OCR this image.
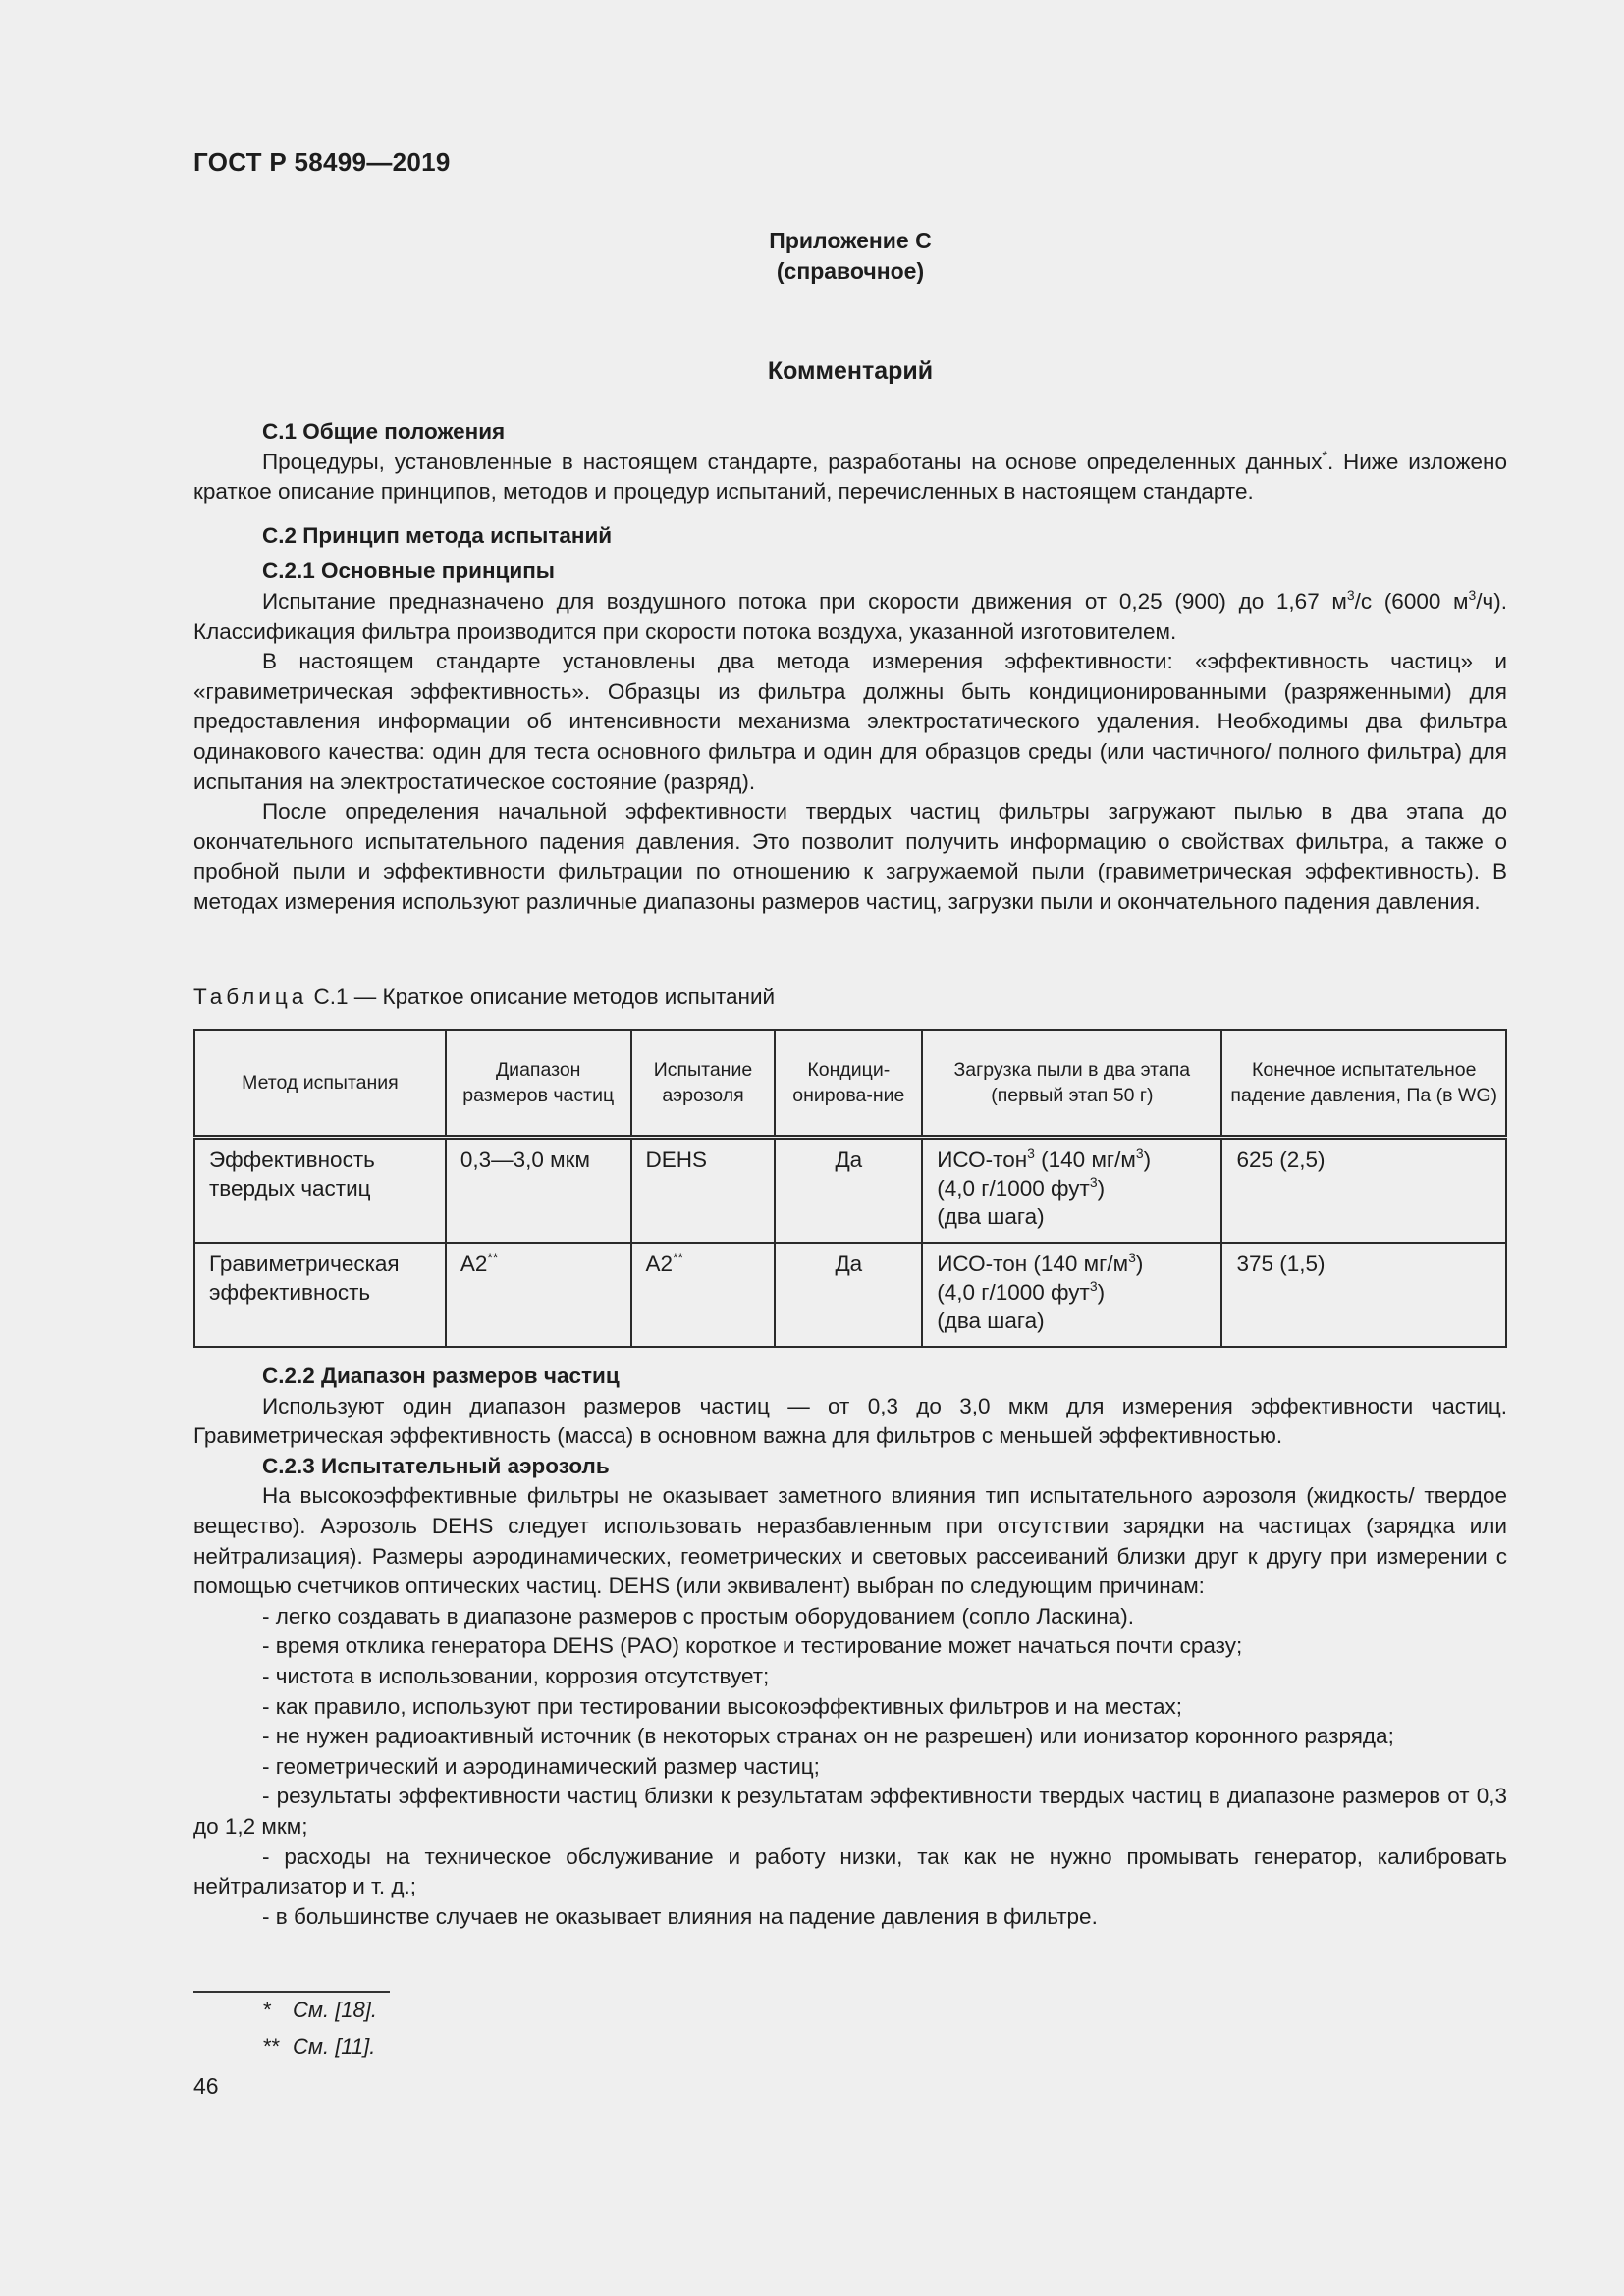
ГОСТ Р 58499—2019
Приложение С
(справочное)
Комментарий
С.1 Общие положения

Процедуры, установленные в настоящем стандарте, разработаны на основе определенных данных*. Ниже изложено краткое описание принципов, методов и процедур испытаний, перечисленных в настоящем стандарте.

С.2 Принцип метода испытаний
С.2.1 Основные принципы

Испытание предназначено для воздушного потока при скорости движения от 0,25 (900) до 1,67 $м^3/с$ (6000 $м^3/ч$). Классификация фильтра производится при скорости потока воздуха, указанной изготовителем.

В настоящем стандарте установлены два метода измерения эффективности: «эффективность частиц» и «гравиметрическая эффективность». Образцы из фильтра должны быть кондиционированными (разряженными) для предоставления информации об интенсивности механизма электростатического удаления. Необходимы два фильтра одинакового качества: один для теста основного фильтра и один для образцов среды (или частичного/ полного фильтра) для испытания на электростатическое состояние (разряд).

После определения начальной эффективности твердых частиц фильтры загружают пылью в два этапа до окончательного испытательного падения давления. Это позволит получить информацию о свойствах фильтра, а также о пробной пыли и эффективности фильтрации по отношению к загружаемой пыли (гравиметрическая эффективность). В методах измерения используют различные диапазоны размеров частиц, загрузки пыли и окончательного падения давления.

Таблица С.1 — Краткое описание методов испытаний
Метод испытания	Диапазон размеров частиц	Испытание аэрозоля	Кондици-онирова-ние	Загрузка пыли в два этапа (первый этап 50 г)	Конечное испытательное падение давления, Па (в WG)
Эффективность твердых частиц	0,3—3,0 мкм	DEHS	Да	ИСО-тон$^3$ (140 $мг/м^3$)
(4,0 г/1000 фут$^3$)
(два шага)	625 (2,5)
Гравиметрическая эффективность	А2**	А2**	Да	ИСО-тон (140 $мг/м^3$)
(4,0 г/1000 фут$^3$)
(два шага)	375 (1,5)
С.2.2 Диапазон размеров частиц

Используют один диапазон размеров частиц — от 0,3 до 3,0 мкм для измерения эффективности частиц. Гравиметрическая эффективность (масса) в основном важна для фильтров с меньшей эффективностью.

С.2.3 Испытательный аэрозоль

На высокоэффективные фильтры не оказывает заметного влияния тип испытательного аэрозоля (жидкость/ твердое вещество). Аэрозоль DEHS следует использовать неразбавленным при отсутствии зарядки на частицах (зарядка или нейтрализация). Размеры аэродинамических, геометрических и световых рассеиваний близки друг к другу при измерении с помощью счетчиков оптических частиц. DEHS (или эквивалент) выбран по следующим причинам:

- легко создавать в диапазоне размеров с простым оборудованием (сопло Ласкина).
- время отклика генератора DEHS (PAO) короткое и тестирование может начаться почти сразу;
- чистота в использовании, коррозия отсутствует;
- как правило, используют при тестировании высокоэффективных фильтров и на местах;
- не нужен радиоактивный источник (в некоторых странах он не разрешен) или ионизатор коронного разряда;
- геометрический и аэродинамический размер частиц;
- результаты эффективности частиц близки к результатам эффективности твердых частиц в диапазоне размеров от 0,3 до 1,2 мкм;
- расходы на техническое обслуживание и работу низки, так как не нужно промывать генератор, калибровать нейтрализатор и т. д.;
- в большинстве случаев не оказывает влияния на падение давления в фильтре.
* См. [18].
** См. [11].
46
